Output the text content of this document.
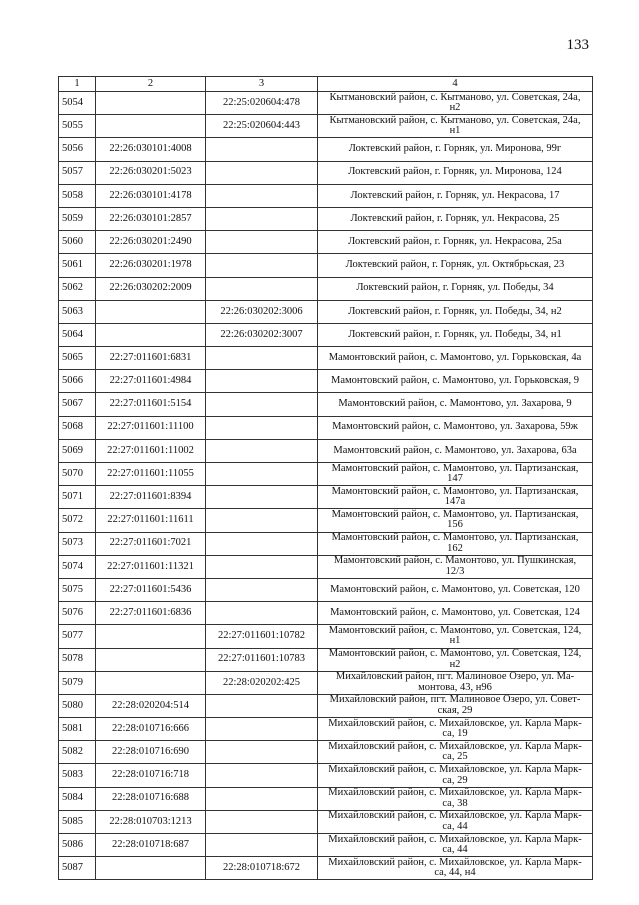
133
1	2	3	4
5054		22:25:020604:478	Кытмановский район, с. Кытманово, ул. Советская, 24а,
н2
5055		22:25:020604:443	Кытмановский район, с. Кытманово, ул. Советская, 24а,
н1
5056	22:26:030101:4008		Локтевский район, г. Горняк, ул. Миронова, 99г
5057	22:26:030201:5023		Локтевский район, г. Горняк, ул. Миронова, 124
5058	22:26:030101:4178		Локтевский район, г. Горняк, ул. Некрасова, 17
5059	22:26:030101:2857		Локтевский район, г. Горняк, ул. Некрасова, 25
5060	22:26:030201:2490		Локтевский район, г. Горняк, ул. Некрасова, 25а
5061	22:26:030201:1978		Локтевский район, г. Горняк, ул. Октябрьская, 23
5062	22:26:030202:2009		Локтевский район, г. Горняк, ул. Победы, 34
5063		22:26:030202:3006	Локтевский район, г. Горняк, ул. Победы, 34, н2
5064		22:26:030202:3007	Локтевский район, г. Горняк, ул. Победы, 34, н1
5065	22:27:011601:6831		Мамонтовский район, с. Мамонтово, ул. Горьковская, 4а
5066	22:27:011601:4984		Мамонтовский район, с. Мамонтово, ул. Горьковская, 9
5067	22:27:011601:5154		Мамонтовский район, с. Мамонтово, ул. Захарова, 9
5068	22:27:011601:11100		Мамонтовский район, с. Мамонтово, ул. Захарова, 59ж
5069	22:27:011601:11002		Мамонтовский район, с. Мамонтово, ул. Захарова, 63а
5070	22:27:011601:11055		Мамонтовский район, с. Мамонтово, ул. Партизанская,
147
5071	22:27:011601:8394		Мамонтовский район, с. Мамонтово, ул. Партизанская,
147а
5072	22:27:011601:11611		Мамонтовский район, с. Мамонтово, ул. Партизанская,
156
5073	22:27:011601:7021		Мамонтовский район, с. Мамонтово, ул. Партизанская,
162
5074	22:27:011601:11321		Мамонтовский район, с. Мамонтово, ул. Пушкинская,
12/3
5075	22:27:011601:5436		Мамонтовский район, с. Мамонтово, ул. Советская, 120
5076	22:27:011601:6836		Мамонтовский район, с. Мамонтово, ул. Советская, 124
5077		22:27:011601:10782	Мамонтовский район, с. Мамонтово, ул. Советская, 124,
н1
5078		22:27:011601:10783	Мамонтовский район, с. Мамонтово, ул. Советская, 124,
н2
5079		22:28:020202:425	Михайловский район, пгт. Малиновое Озеро, ул. Ма-
монтова, 43, н96
5080	22:28:020204:514		Михайловский район, пгт. Малиновое Озеро, ул. Совет-
ская, 29
5081	22:28:010716:666		Михайловский район, с. Михайловское, ул. Карла Марк-
са, 19
5082	22:28:010716:690		Михайловский район, с. Михайловское, ул. Карла Марк-
са, 25
5083	22:28:010716:718		Михайловский район, с. Михайловское, ул. Карла Марк-
са, 29
5084	22:28:010716:688		Михайловский район, с. Михайловское, ул. Карла Марк-
са, 38
5085	22:28:010703:1213		Михайловский район, с. Михайловское, ул. Карла Марк-
са, 44
5086	22:28:010718:687		Михайловский район, с. Михайловское, ул. Карла Марк-
са, 44
5087		22:28:010718:672	Михайловский район, с. Михайловское, ул. Карла Марк-
са, 44, н4
